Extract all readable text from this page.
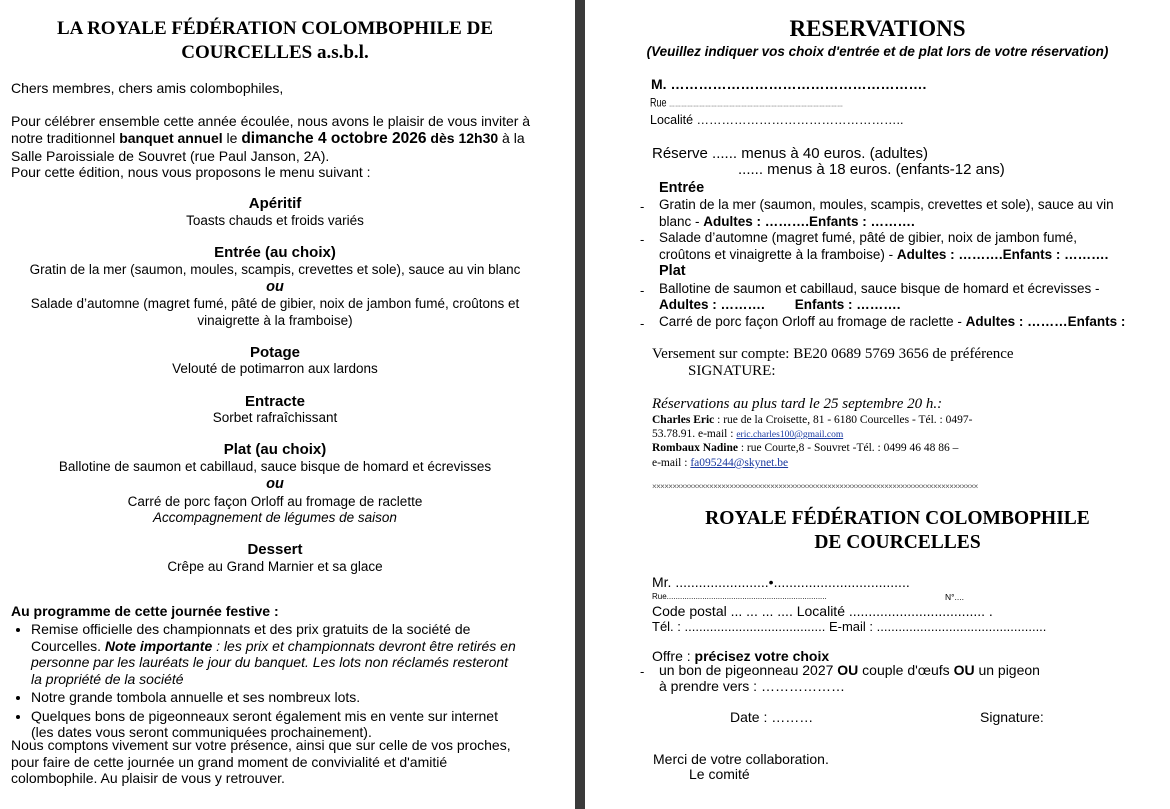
LA ROYALE FÉDÉRATION COLOMBOPHILE DE
COURCELLES a.s.b.l.
Chers membres, chers amis colombophiles,
Pour célébrer ensemble cette année écoulée, nous avons le plaisir de vous inviter à
notre traditionnel banquet annuel le dimanche 4 octobre 2026 dès 12h30 à la
Salle Paroissiale de Souvret (rue Paul Janson, 2A).
Pour cette édition, nous vous proposons le menu suivant :
Apéritif
Toasts chauds et froids variés
Entrée (au choix)
Gratin de la mer (saumon, moules, scampis, crevettes et sole), sauce au vin blanc
ou
Salade d’automne (magret fumé, pâté de gibier, noix de jambon fumé, croûtons et
vinaigrette à la framboise)
Potage
Velouté de potimarron aux lardons
Entracte
Sorbet rafraîchissant
Plat (au choix)
Ballotine de saumon et cabillaud, sauce bisque de homard et écrevisses
ou
Carré de porc façon Orloff au fromage de raclette
Accompagnement de légumes de saison
Dessert
Crêpe au Grand Marnier et sa glace
Au programme de cette journée festive :
• Remise officielle des championnats et des prix gratuits de la société de
Courcelles. Note importante : les prix et championnats devront être retirés en
personne par les lauréats le jour du banquet. Les lots non réclamés resteront
la propriété de la société
• Notre grande tombola annuelle et ses nombreux lots.
• Quelques bons de pigeonneaux seront également mis en vente sur internet
(les dates vous seront communiquées prochainement).
Nous comptons vivement sur votre présence, ainsi que sur celle de vos proches,
pour faire de cette journée un grand moment de convivialité et d'amitié
colombophile. Au plaisir de vous y retrouver.
RESERVATIONS
(Veuillez indiquer vos choix d'entrée et de plat lors de votre réservation)
M. ……………………………………………….
Rue ……………………………………………………………………………
Localité …………………………………………..
Réserve ...... menus à 40 euros. (adultes)
...... menus à 18 euros. (enfants-12 ans)
Entrée
- Gratin de la mer (saumon, moules, scampis, crevettes et sole), sauce au vin
blanc - Adultes : ……….Enfants : ……….
- Salade d’automne (magret fumé, pâté de gibier, noix de jambon fumé,
croûtons et vinaigrette à la framboise) - Adultes : ……….Enfants : ……….
Plat
- Ballotine de saumon et cabillaud, sauce bisque de homard et écrevisses -
Adultes : ……….        Enfants : ……….
- Carré de porc façon Orloff au fromage de raclette - Adultes : ………Enfants :
Versement sur compte: BE20 0689 5769 3656 de préférence
SIGNATURE:
Réservations au plus tard le 25 septembre 20 h.:
Charles Eric : rue de la Croisette, 81 - 6180 Courcelles - Tél. : 0497-
53.78.91. e-mail : eric.charles100@gmail.com
Rombaux Nadine : rue Courte,8 - Souvret -Tél. : 0499 46 48 86 –
e-mail : fa095244@skynet.be
××××××××××××××××××××××××××××××××××××××××××××××××××××××××××××××××××××××××××××××××
ROYALE FÉDÉRATION COLOMBOPHILE
DE COURCELLES
Mr. ........................•...................................
Rue........................................................................	N°....
Code postal ... ... ... .... Localité ................................... .
Tél. : ....................................... E-mail : ...............................................
Offre : précisez votre choix
- un bon de pigeonneau 2027 OU couple d'œufs OU un pigeon
à prendre vers : ………………
Date : ………	Signature:
Merci de votre collaboration.
Le comité
